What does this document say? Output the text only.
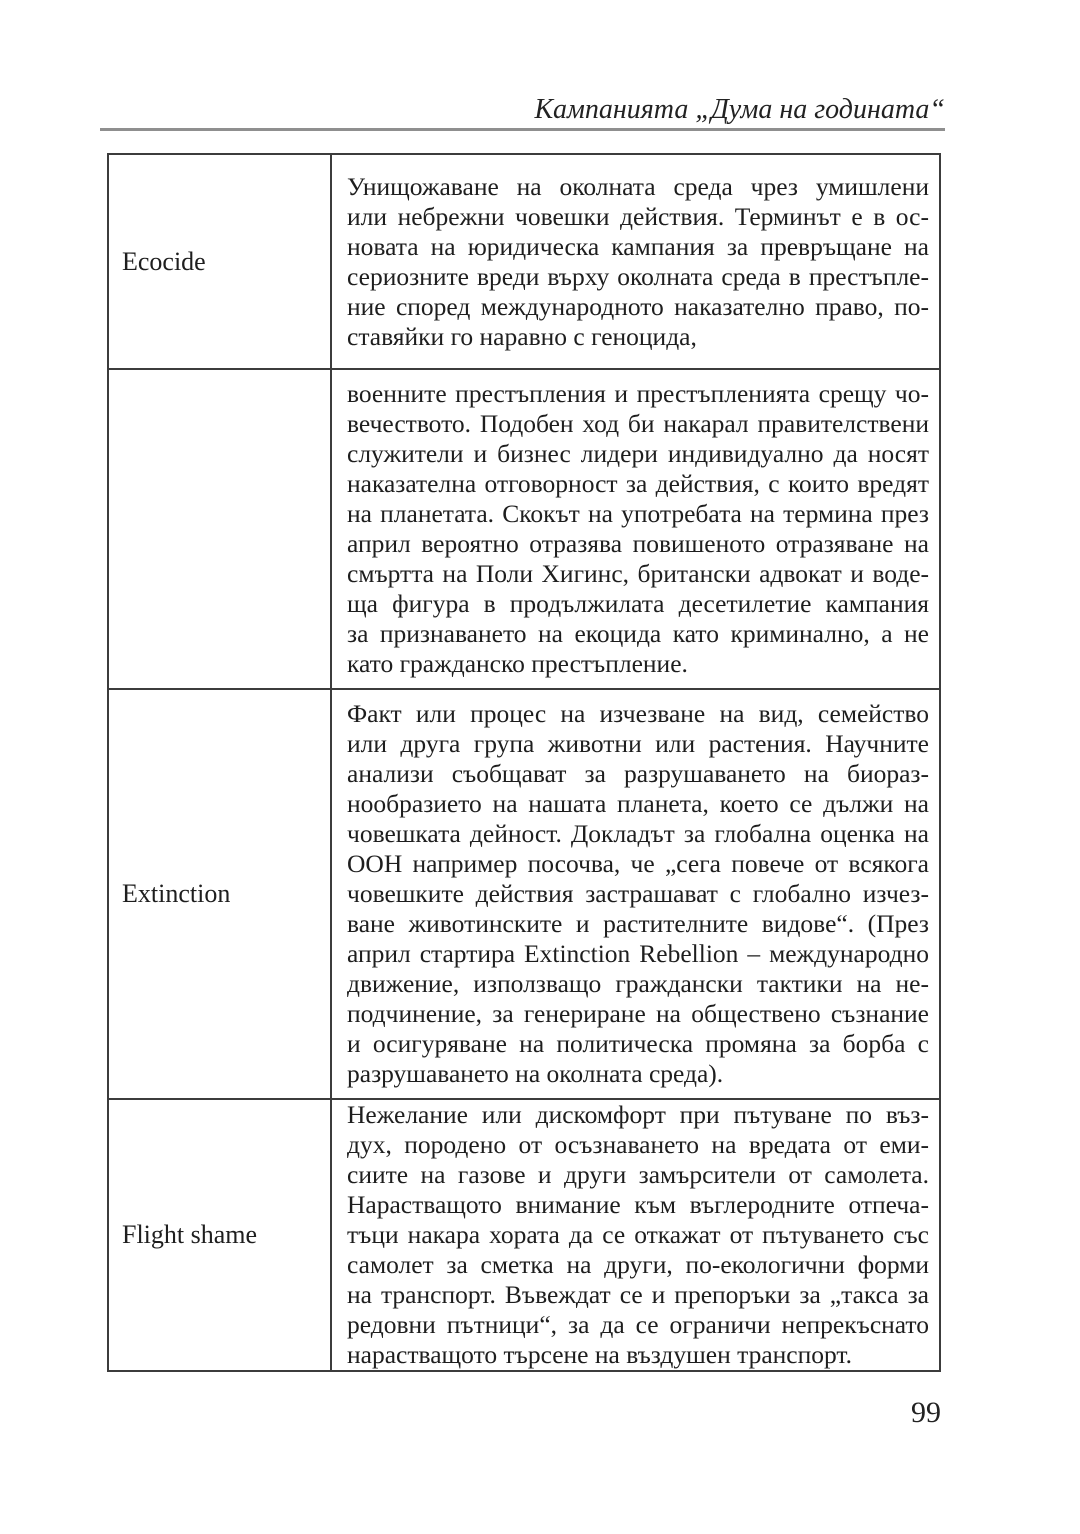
Кампанията „Дума на годината“
Ecocide
Унищожаване на околната среда чрез умишлени
или небрежни човешки действия. Терминът е в ос-
новата на юридическа кампания за превръщане на
сериозните вреди върху околната среда в престъпле-
ние според международното наказателно право, по-
ставяйки го наравно с геноцида,
военните престъпления и престъпленията срещу чо-
вечеството. Подобен ход би накарал правителствени
служители и бизнес лидери индивидуално да носят
наказателна отговорност за действия, с които вредят
на планетата. Скокът на употребата на термина през
април вероятно отразява повишеното отразяване на
смъртта на Поли Хигинс, британски адвокат и воде-
ща фигура в продължилата десетилетие кампания
за признаването на екоцида като криминално, а не
като гражданско престъпление.
Extinction
Факт или процес на изчезване на вид, семейство
или друга група животни или растения. Научните
анализи съобщават за разрушаването на биораз-
нообразието на нашата планета, което се дължи на
човешката дейност. Докладът за глобална оценка на
ООН например посочва, че „сега повече от всякога
човешките действия застрашават с глобално изчез-
ване животинските и растителните видове“. (През
април стартира Extinction Rebellion – международно
движение, използващо граждански тактики на не-
подчинение, за генериране на обществено съзнание
и осигуряване на политическа промяна за борба с
разрушаването на околната среда).
Flight shame
Нежелание или дискомфорт при пътуване по въз-
дух, породено от осъзнаването на вредата от еми-
сиите на газове и други замърсители от самолета.
Нарастващото внимание към въглеродните отпеча-
тъци накара хората да се откажат от пътуването със
самолет за сметка на други, по-екологични форми
на транспорт. Въвеждат се и препоръки за „такса за
редовни пътници“, за да се ограничи непрекъснато
нарастващото търсене на въздушен транспорт.
99
